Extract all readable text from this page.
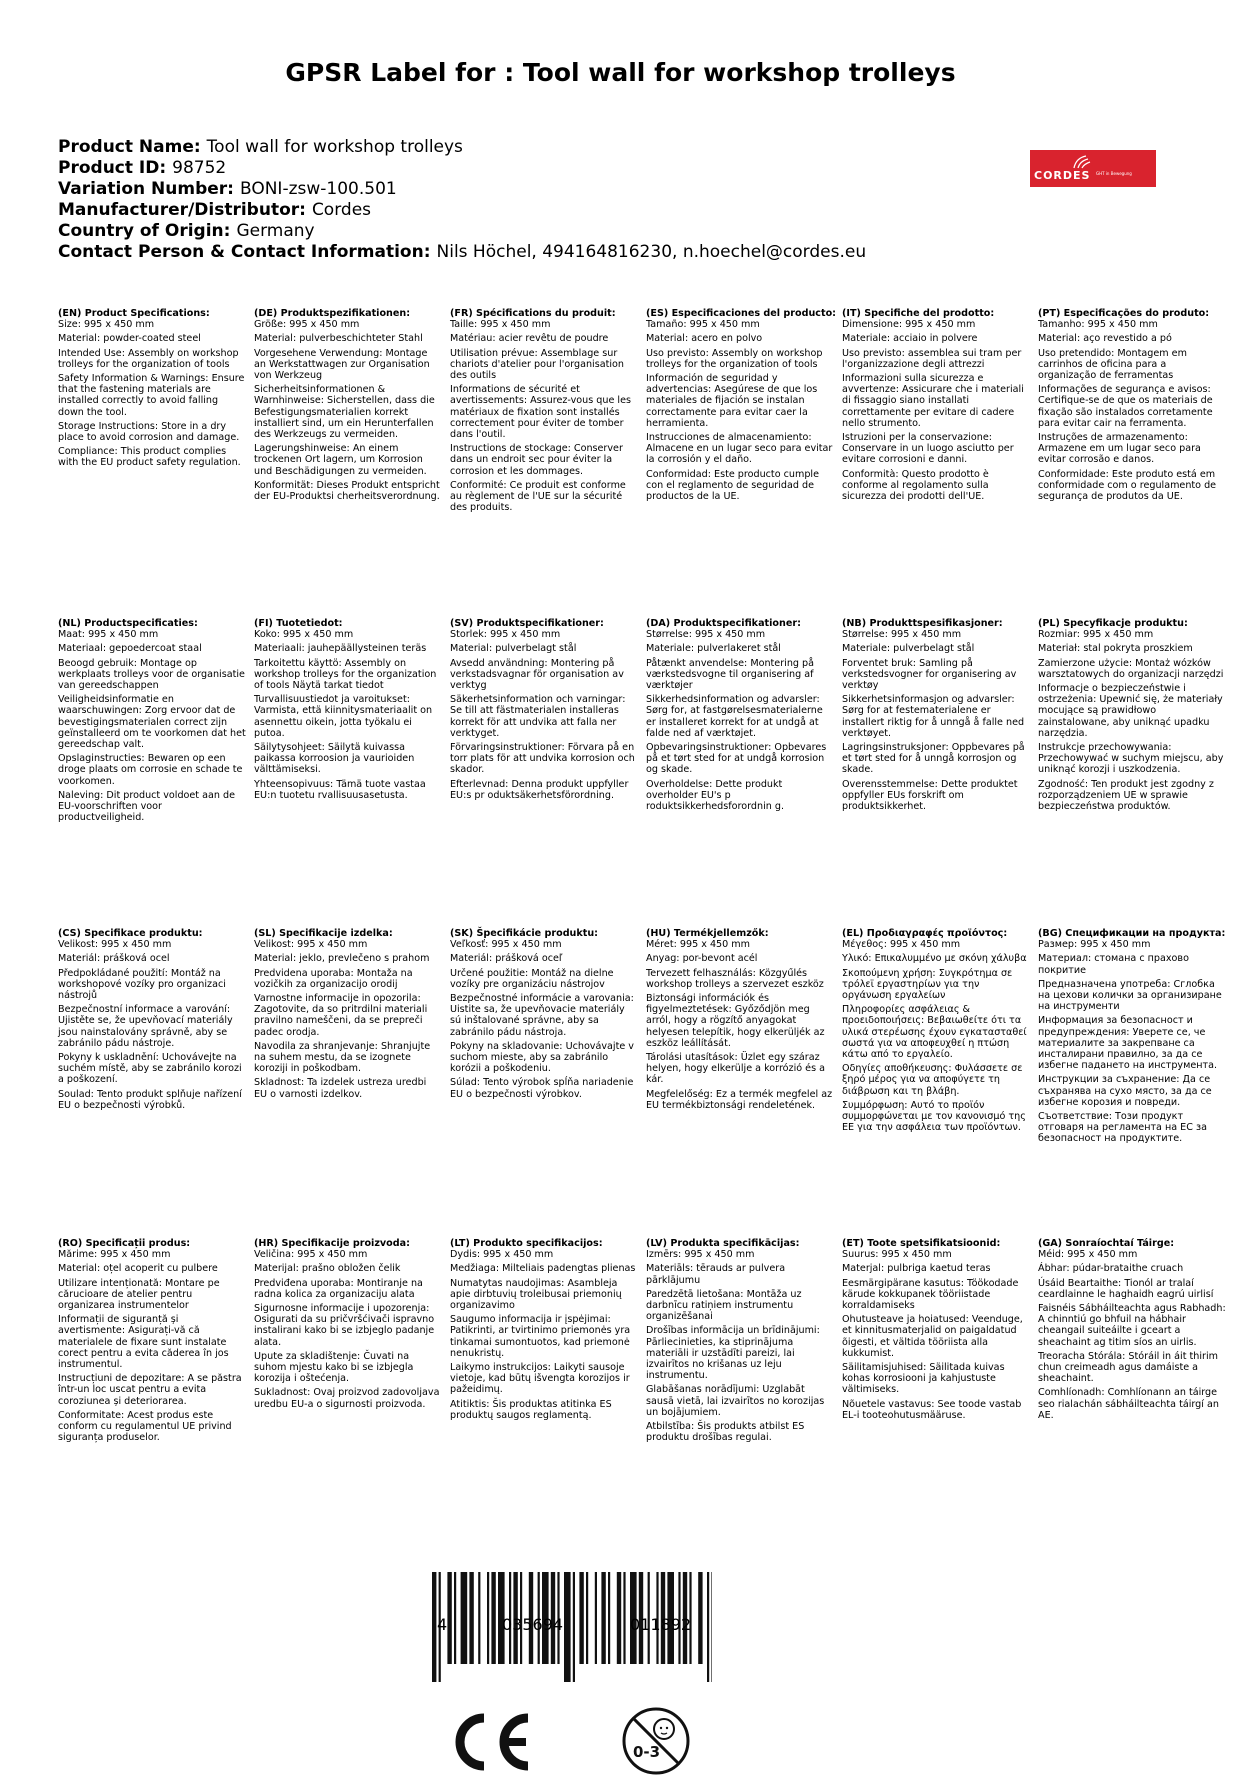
GPSR Label for : Tool wall for workshop trolleys
Product Name: Tool wall for workshop trolleys
Product ID: 98752
Variation Number: BONI-zsw-100.501
Manufacturer/Distributor: Cordes
Country of Origin: Germany
Contact Person & Contact Information: Nils Höchel, 494164816230, n.hoechel@cordes.eu
CORDES GHT in Bewegung
(EN) Product Specifications:

Size: 995 x 450 mm

Material: powder-coated steel

Intended Use: Assembly on workshop trolleys for the organization of tools

Safety Information & Warnings: Ensure that the fastening materials are installed correctly to avoid falling down the tool.

Storage Instructions: Store in a dry place to avoid corrosion and damage.

Compliance: This product complies with the EU product safety regulation.

(DE) Produktspezifikationen:

Größe: 995 x 450 mm

Material: pulverbeschichteter Stahl

Vorgesehene Verwendung: Montage an Werkstattwagen zur Organisation von Werkzeug

Sicherheitsinformationen & Warnhinweise: Sicherstellen, dass die Befestigungsmaterialien korrekt installiert sind, um ein Herunterfallen des Werkzeugs zu vermeiden.

Lagerungshinweise: An einem trockenen Ort lagern, um Korrosion und Beschädigungen zu vermeiden.

Konformität: Dieses Produkt entspricht der EU-Produktsi cherheitsverordnung.

(FR) Spécifications du produit:

Taille: 995 x 450 mm

Matériau: acier revêtu de poudre

Utilisation prévue: Assemblage sur chariots d'atelier pour l'organisation des outils

Informations de sécurité et avertissements: Assurez-vous que les matériaux de fixation sont installés correctement pour éviter de tomber dans l'outil.

Instructions de stockage: Conserver dans un endroit sec pour éviter la corrosion et les dommages.

Conformité: Ce produit est conforme au règlement de l'UE sur la sécurité des produits.

(ES) Especificaciones del producto:

Tamaño: 995 x 450 mm

Material: acero en polvo

Uso previsto: Assembly on workshop trolleys for the organization of tools

Información de seguridad y advertencias: Asegúrese de que los materiales de fijación se instalan correctamente para evitar caer la herramienta.

Instrucciones de almacenamiento: Almacene en un lugar seco para evitar la corrosión y el daño.

Conformidad: Este producto cumple con el reglamento de seguridad de productos de la UE.

(IT) Specifiche del prodotto:

Dimensione: 995 x 450 mm

Materiale: acciaio in polvere

Uso previsto: assemblea sui tram per l'organizzazione degli attrezzi

Informazioni sulla sicurezza e avvertenze: Assicurare che i materiali di fissaggio siano installati correttamente per evitare di cadere nello strumento.

Istruzioni per la conservazione: Conservare in un luogo asciutto per evitare corrosioni e danni.

Conformità: Questo prodotto è conforme al regolamento sulla sicurezza dei prodotti dell'UE.

(PT) Especificações do produto:

Tamanho: 995 x 450 mm

Material: aço revestido a pó

Uso pretendido: Montagem em carrinhos de oficina para a organização de ferramentas

Informações de segurança e avisos: Certifique-se de que os materiais de fixação são instalados corretamente para evitar cair na ferramenta.

Instruções de armazenamento: Armazene em um lugar seco para evitar corrosão e danos.

Conformidade: Este produto está em conformidade com o regulamento de segurança de produtos da UE.

(NL) Productspecificaties:

Maat: 995 x 450 mm

Materiaal: gepoedercoat staal

Beoogd gebruik: Montage op werkplaats trolleys voor de organisatie van gereedschappen

Veiligheidsinformatie en waarschuwingen: Zorg ervoor dat de bevestigingsmaterialen correct zijn geïnstalleerd om te voorkomen dat het gereedschap valt.

Opslaginstructies: Bewaren op een droge plaats om corrosie en schade te voorkomen.

Naleving: Dit product voldoet aan de EU-voorschriften voor productveiligheid.

(FI) Tuotetiedot:

Koko: 995 x 450 mm

Materiaali: jauhepäällysteinen teräs

Tarkoitettu käyttö: Assembly on workshop trolleys for the organization of tools Näytä tarkat tiedot

Turvallisuustiedot ja varoitukset: Varmista, että kiinnitysmateriaalit on asennettu oikein, jotta työkalu ei putoa.

Säilytysohjeet: Säilytä kuivassa paikassa korroosion ja vaurioiden välttämiseksi.

Yhteensopivuus: Tämä tuote vastaa EU:n tuotetu rvallisuusasetusta.

(SV) Produktspecifikationer:

Storlek: 995 x 450 mm

Material: pulverbelagt stål

Avsedd användning: Montering på verkstadsvagnar för organisation av verktyg

Säkerhetsinformation och varningar: Se till att fästmaterialen installeras korrekt för att undvika att falla ner verktyget.

Förvaringsinstruktioner: Förvara på en torr plats för att undvika korrosion och skador.

Efterlevnad: Denna produkt uppfyller EU:s pr oduktsäkerhetsförordning.

(DA) Produktspecifikationer:

Størrelse: 995 x 450 mm

Materiale: pulverlakeret stål

Påtænkt anvendelse: Montering på værkstedsvogne til organisering af værktøjer

Sikkerhedsinformation og advarsler: Sørg for, at fastgørelsesmaterialerne er installeret korrekt for at undgå at falde ned af værktøjet.

Opbevaringsinstruktioner: Opbevares på et tørt sted for at undgå korrosion og skade.

Overholdelse: Dette produkt overholder EU's p roduktsikkerhedsforordnin g.

(NB) Produkttspesifikasjoner:

Størrelse: 995 x 450 mm

Materiale: pulverbelagt stål

Forventet bruk: Samling på verkstedsvogner for organisering av verktøy

Sikkerhetsinformasjon og advarsler: Sørg for at festematerialene er installert riktig for å unngå å falle ned verktøyet.

Lagringsinstruksjoner: Oppbevares på et tørt sted for å unngå korrosjon og skade.

Overensstemmelse: Dette produktet oppfyller EUs forskrift om produktsikkerhet.

(PL) Specyfikacje produktu:

Rozmiar: 995 x 450 mm

Materiał: stal pokryta proszkiem

Zamierzone użycie: Montaż wózków warsztatowych do organizacji narzędzi

Informacje o bezpieczeństwie i ostrzeżenia: Upewnić się, że materiały mocujące są prawidłowo zainstalowane, aby uniknąć upadku narzędzia.

Instrukcje przechowywania: Przechowywać w suchym miejscu, aby uniknąć korozji i uszkodzenia.

Zgodność: Ten produkt jest zgodny z rozporządzeniem UE w sprawie bezpieczeństwa produktów.

(CS) Specifikace produktu:

Velikost: 995 x 450 mm

Materiál: prášková ocel

Předpokládané použití: Montáž na workshopové vozíky pro organizaci nástrojů

Bezpečnostní informace a varování: Ujistěte se, že upevňovací materiály jsou nainstalovány správně, aby se zabránilo pádu nástroje.

Pokyny k uskladnění: Uchovávejte na suchém místě, aby se zabránilo korozi a poškození.

Soulad: Tento produkt splňuje nařízení EU o bezpečnosti výrobků.

(SL) Specifikacije izdelka:

Velikost: 995 x 450 mm

Material: jeklo, prevlečeno s prahom

Predvidena uporaba: Montaža na vozičkih za organizacijo orodij

Varnostne informacije in opozorila: Zagotovite, da so pritrdilni materiali pravilno nameščeni, da se prepreči padec orodja.

Navodila za shranjevanje: Shranjujte na suhem mestu, da se izognete koroziji in poškodbam.

Skladnost: Ta izdelek ustreza uredbi EU o varnosti izdelkov.

(SK) Špecifikácie produktu:

Veľkosť: 995 x 450 mm

Materiál: prášková oceľ

Určené použitie: Montáž na dielne vozíky pre organizáciu nástrojov

Bezpečnostné informácie a varovania: Uistite sa, že upevňovacie materiály sú inštalované správne, aby sa zabránilo pádu nástroja.

Pokyny na skladovanie: Uchovávajte v suchom mieste, aby sa zabránilo korózii a poškodeniu.

Súlad: Tento výrobok spĺňa nariadenie EU o bezpečnosti výrobkov.

(HU) Termékjellemzők:

Méret: 995 x 450 mm

Anyag: por-bevont acél

Tervezett felhasználás: Közgyűlés workshop trolleys a szervezet eszköz

Biztonsági információk és figyelmeztetések: Győződjön meg arról, hogy a rögzítő anyagokat helyesen telepítik, hogy elkerüljék az eszköz leállítását.

Tárolási utasítások: Üzlet egy száraz helyen, hogy elkerülje a korrózió és a kár.

Megfelelőség: Ez a termék megfelel az EU termékbiztonsági rendeletének.

(EL) Προδιαγραφές προϊόντος:

Μέγεθος: 995 x 450 mm

Υλικό: Επικαλυμμένο με σκόνη χάλυβα

Σκοπούμενη χρήση: Συγκρότημα σε τρόλεϊ εργαστηρίων για την οργάνωση εργαλείων

Πληροφορίες ασφάλειας & προειδοποιήσεις: Βεβαιωθείτε ότι τα υλικά στερέωσης έχουν εγκατασταθεί σωστά για να αποφευχθεί η πτώση κάτω από το εργαλείο.

Οδηγίες αποθήκευσης: Φυλάσσετε σε ξηρό μέρος για να αποφύγετε τη διάβρωση και τη βλάβη.

Συμμόρφωση: Αυτό το προϊόν συμμορφώνεται με τον κανονισμό της ΕΕ για την ασφάλεια των προϊόντων.

(BG) Спецификации на продукта:

Размер: 995 x 450 mm

Материал: стомана с прахово покритие

Предназначена употреба: Сглобка на цехови колички за организиране на инструменти

Информация за безопасност и предупреждения: Уверете се, че материалите за закрепване са инсталирани правилно, за да се избегне падането на инструмента.

Инструкции за съхранение: Да се съхранява на сухо място, за да се избегне корозия и повреди.

Съответствие: Този продукт отговаря на регламента на ЕС за безопасност на продуктите.

(RO) Specificații produs:

Mărime: 995 x 450 mm

Material: oțel acoperit cu pulbere

Utilizare intenționată: Montare pe cărucioare de atelier pentru organizarea instrumentelor

Informații de siguranță și avertismente: Asigurați-vă că materialele de fixare sunt instalate corect pentru a evita căderea în jos instrumentul.

Instrucțiuni de depozitare: A se păstra într-un loc uscat pentru a evita coroziunea și deteriorarea.

Conformitate: Acest produs este conform cu regulamentul UE privind siguranța produselor.

(HR) Specifikacije proizvoda:

Veličina: 995 x 450 mm

Materijal: prašno obložen čelik

Predviđena uporaba: Montiranje na radna kolica za organizaciju alata

Sigurnosne informacije i upozorenja: Osigurati da su pričvršćivači ispravno instalirani kako bi se izbjeglo padanje alata.

Upute za skladištenje: Čuvati na suhom mjestu kako bi se izbjegla korozija i oštećenja.

Sukladnost: Ovaj proizvod zadovoljava uredbu EU-a o sigurnosti proizvoda.

(LT) Produkto specifikacijos:

Dydis: 995 x 450 mm

Medžiaga: Milteliais padengtas plienas

Numatytas naudojimas: Asambleja apie dirbtuvių troleibusai priemonių organizavimo

Saugumo informacija ir įspėjimai: Patikrinti, ar tvirtinimo priemonės yra tinkamai sumontuotos, kad priemonė nenukristų.

Laikymo instrukcijos: Laikyti sausoje vietoje, kad būtų išvengta korozijos ir pažeidimų.

Atitiktis: Šis produktas atitinka ES produktų saugos reglamentą.

(LV) Produkta specifikācijas:

Izmērs: 995 x 450 mm

Materiāls: tērauds ar pulvera pārklājumu

Paredzētā lietošana: Montāža uz darbnīcu ratiņiem instrumentu organizēšanai

Drošības informācija un brīdinājumi: Pārliecinieties, ka stiprinājuma materiāli ir uzstādīti pareizi, lai izvairītos no krišanas uz leju instrumentu.

Glabāšanas norādījumi: Uzglabāt sausā vietā, lai izvairītos no korozijas un bojājumiem.

Atbilstība: Šis produkts atbilst ES produktu drošības regulai.

(ET) Toote spetsifikatsioonid:

Suurus: 995 x 450 mm

Materjal: pulbriga kaetud teras

Eesmärgipärane kasutus: Töökodade kärude kokkupanek tööriistade korraldamiseks

Ohutusteave ja hoiatused: Veenduge, et kinnitusmaterjalid on paigaldatud õigesti, et vältida tööriista alla kukkumist.

Säilitamisjuhised: Säilitada kuivas kohas korrosiooni ja kahjustuste vältimiseks.

Nõuetele vastavus: See toode vastab EL-i tooteohutusmääruse.

(GA) Sonraíochtaí Táirge:

Méid: 995 x 450 mm

Ábhar: púdar-brataithe cruach

Úsáid Beartaithe: Tionól ar tralaí ceardlainne le haghaidh eagrú uirlisí

Faisnéis Sábháilteachta agus Rabhadh: A chinntiú go bhfuil na hábhair cheangail suiteáilte i gceart a sheachaint ag titim síos an uirlis.

Treoracha Stórála: Stóráil in áit thirim chun creimeadh agus damáiste a sheachaint.

Comhlíonadh: Comhlíonann an táirge seo rialachán sábháilteachta táirgí an AE.

4	035694	011892
0-3
